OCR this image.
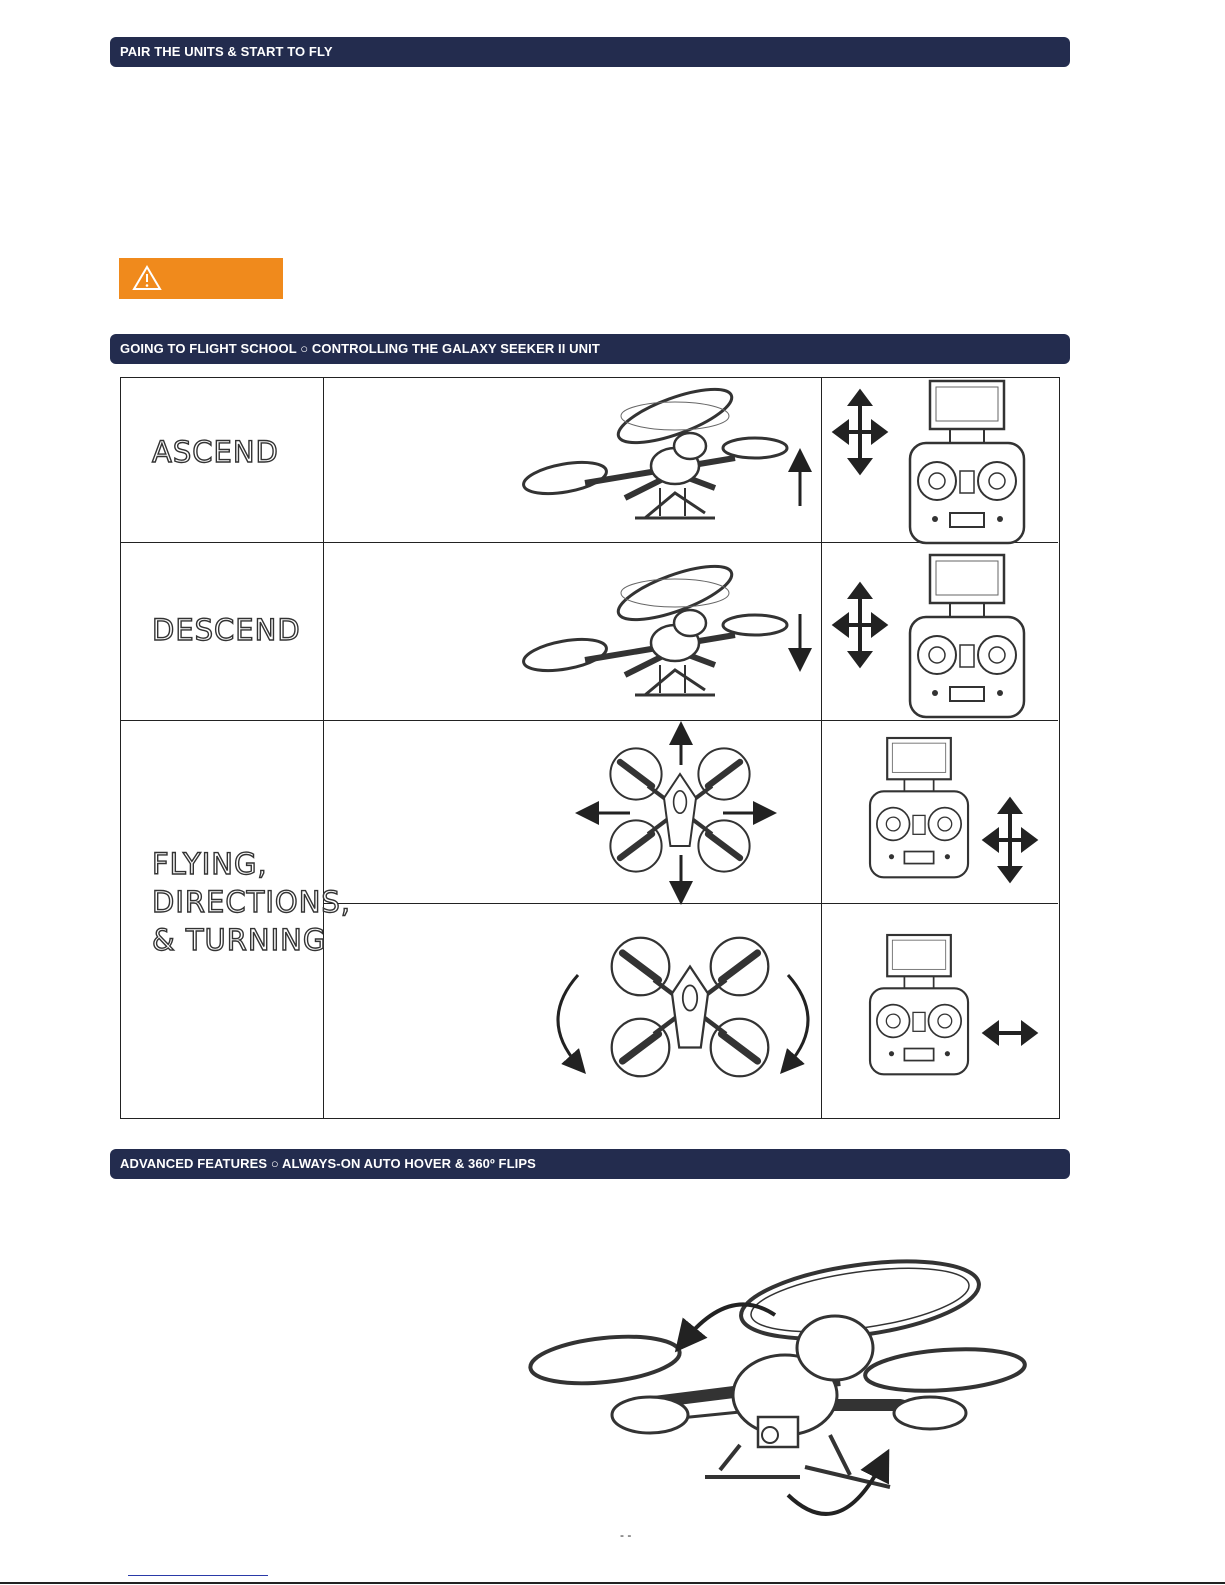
PAIR THE UNITS & START TO FLY
GOING TO FLIGHT SCHOOL ○ CONTROLLING THE GALAXY SEEKER II UNIT
ASCEND
DESCEND
FLYING,
DIRECTIONS,
& TURNING
ADVANCED FEATURES ○ ALWAYS-ON AUTO HOVER & 360º FLIPS
- -
